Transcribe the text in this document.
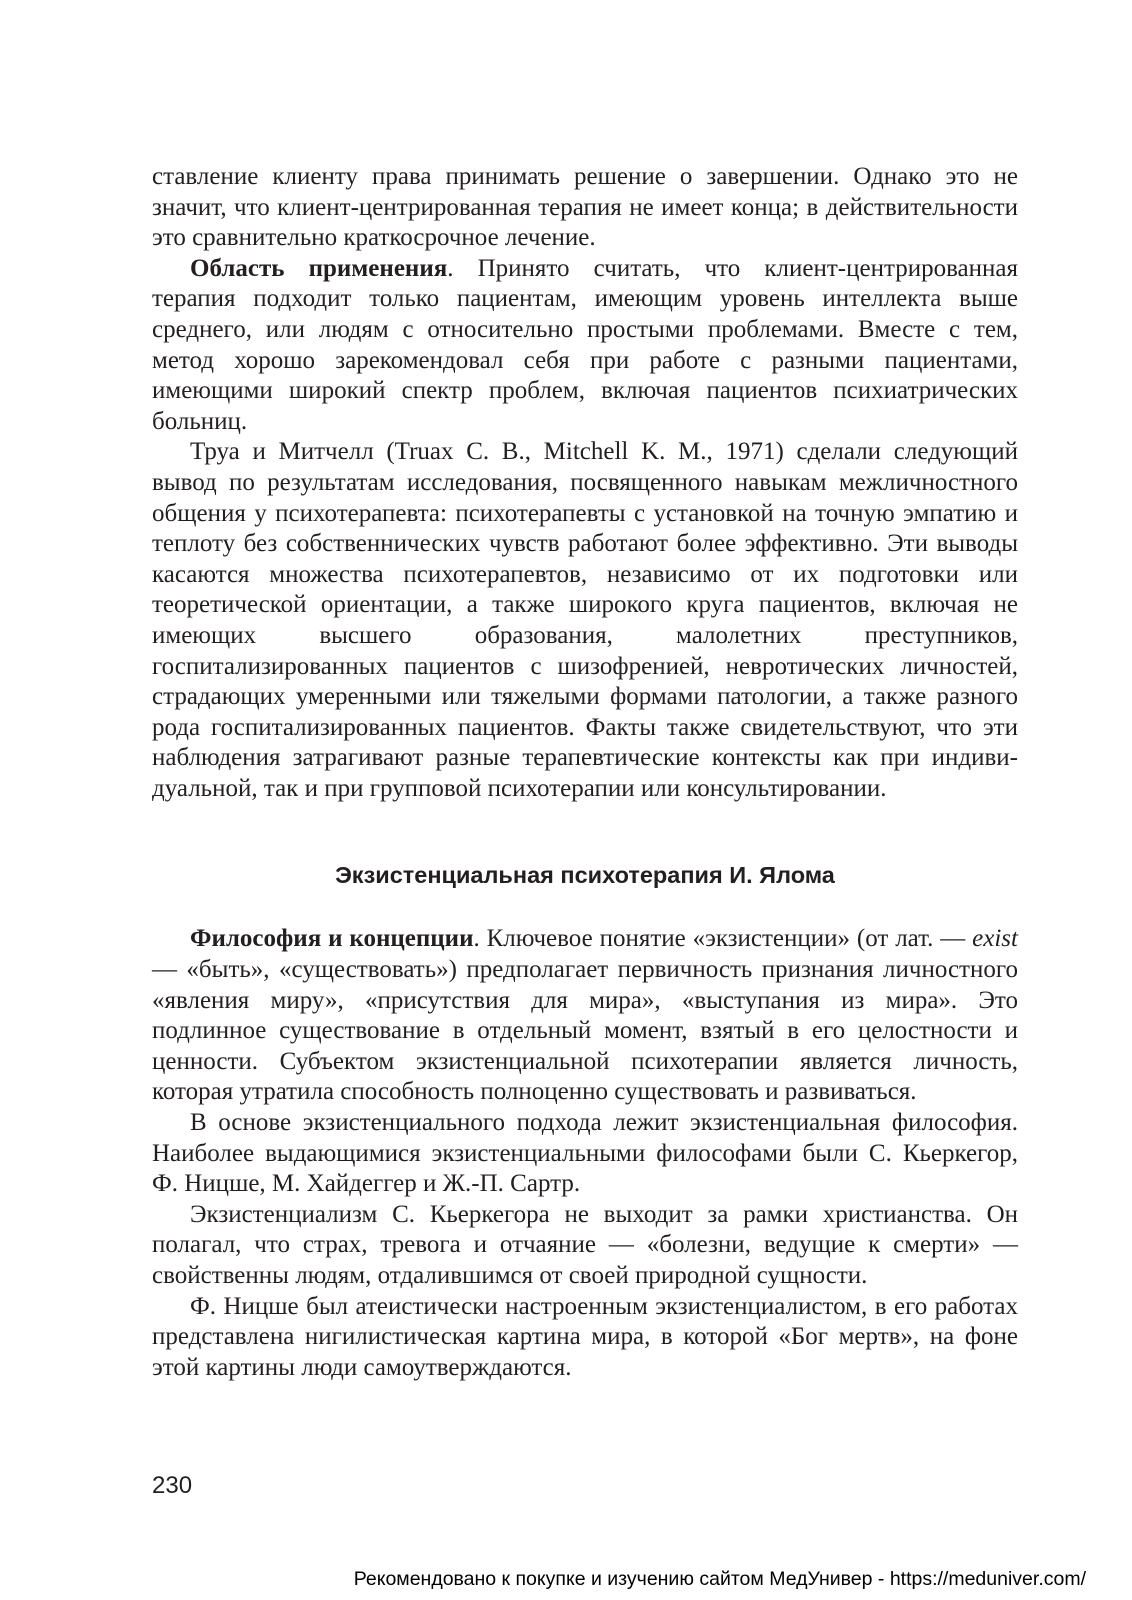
ставление клиенту права принимать решение о завершении. Однако это не значит, что клиент-центрированная терапия не имеет конца; в действительности это сравнительно краткосрочное лечение.

Область применения. Принято считать, что клиент-центрированная терапия подходит только пациентам, имеющим уровень интеллекта выше среднего, или людям с относительно простыми проблемами. Вместе с тем, метод хорошо зарекомендовал себя при работе с разными пациентами, имеющими широкий спектр проблем, включая пациентов психиатрических больниц.

Труа и Митчелл (Truax C. B., Mitchell K. M., 1971) сделали следующий вывод по результатам исследования, посвященного навыкам межличностного общения у психотерапевта: психотерапевты с установкой на точную эмпатию и теплоту без собственнических чувств работают более эффективно. Эти выводы касаются множества психотерапевтов, независимо от их подготовки или теоретической ориентации, а также широкого круга пациентов, включая не имеющих высшего образования, малолетних преступников, госпитализированных пациентов с шизофренией, невротических личностей, страдающих умеренными или тяжелыми формами патологии, а также разного рода госпитализированных пациентов. Факты также свидетельствуют, что эти наблюдения затрагивают разные терапевтические контексты как при индивидуальной, так и при групповой психотерапии или консультировании.

Экзистенциальная психотерапия И. Ялома

Философия и концепции. Ключевое понятие «экзистенции» (от лат. — exist — «быть», «существовать») предполагает первичность признания личностного «явления миру», «присутствия для мира», «выступания из мира». Это подлинное существование в отдельный момент, взятый в его целостности и ценности. Субъектом экзистенциальной психотерапии является личность, которая утратила способность полноценно существовать и развиваться.

В основе экзистенциального подхода лежит экзистенциальная философия. Наиболее выдающимися экзистенциальными философами были С. Кьеркегор, Ф. Ницше, М. Хайдеггер и Ж.-П. Сартр.

Экзистенциализм С. Кьеркегора не выходит за рамки христианства. Он полагал, что страх, тревога и отчаяние — «болезни, ведущие к смерти» — свойственны людям, отдалившимся от своей природной сущности.

Ф. Ницше был атеистически настроенным экзистенциалистом, в его работах представлена нигилистическая картина мира, в которой «Бог мертв», на фоне этой картины люди самоутверждаются.

230
Рекомендовано к покупке и изучению сайтом МедУнивер - https://meduniver.com/
